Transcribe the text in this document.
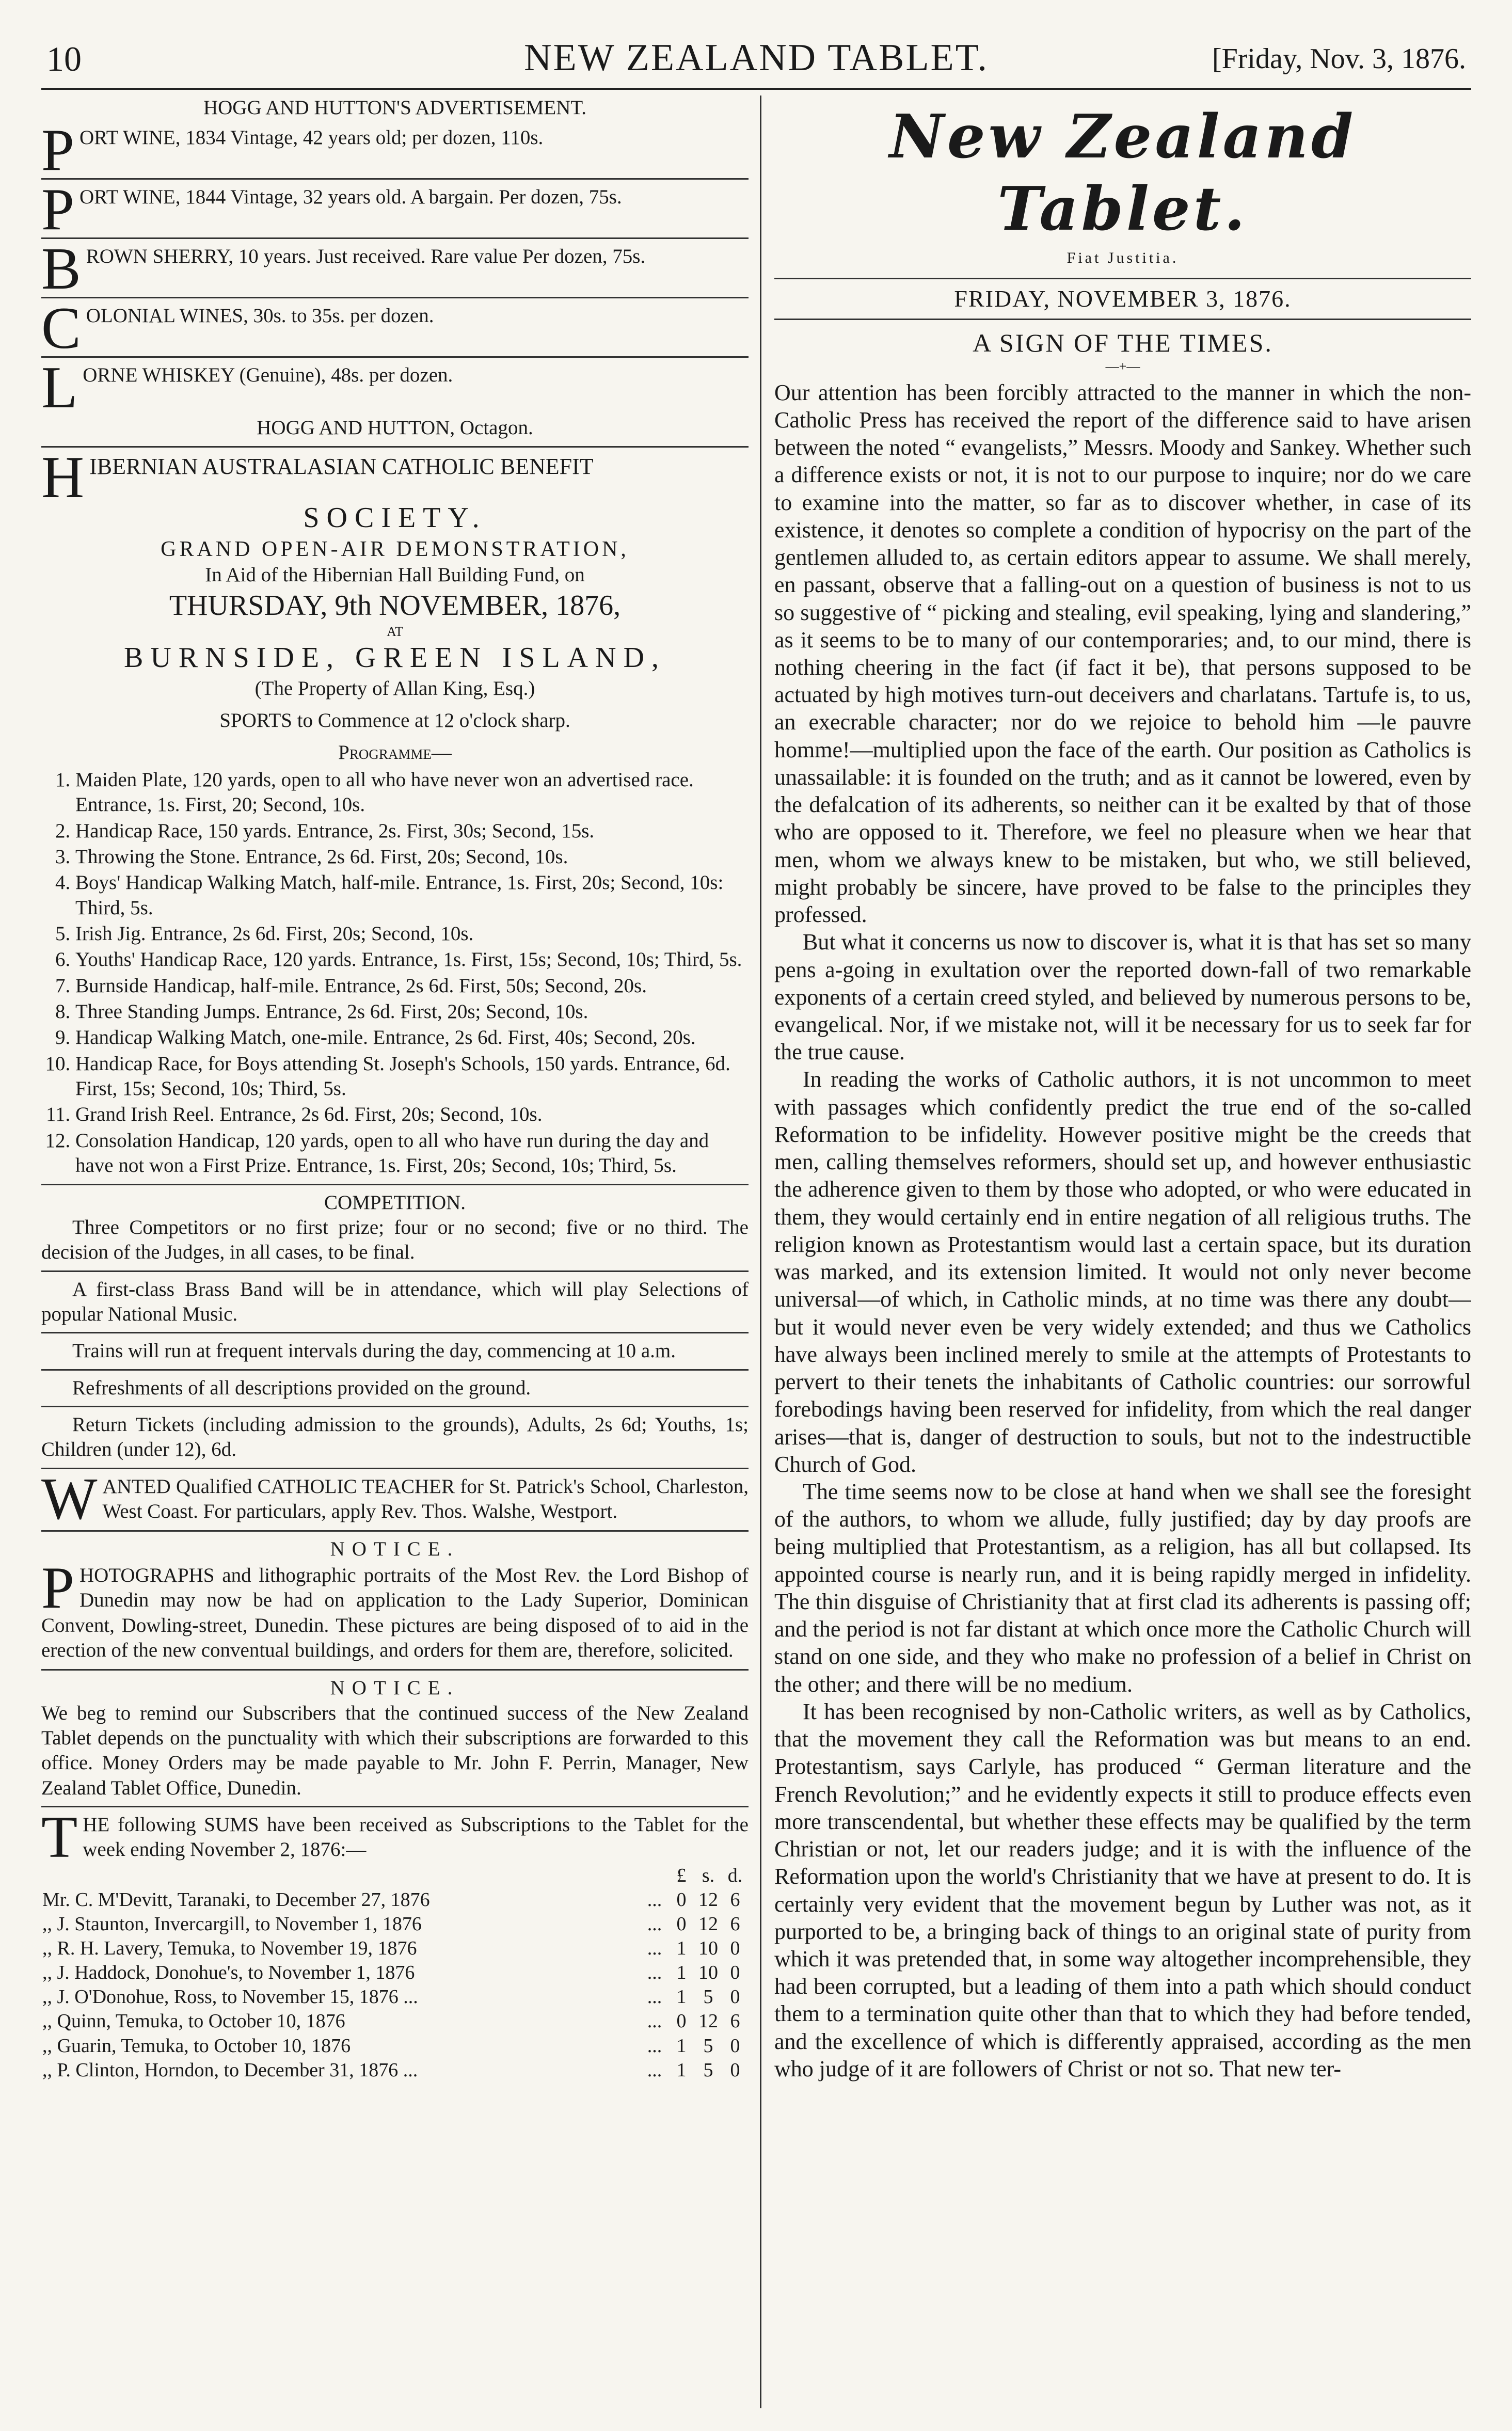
10	NEW ZEALAND TABLET.	[Friday, Nov. 3, 1876.
HOGG AND HUTTON'S ADVERTISEMENT.

PORT WINE, 1834 Vintage, 42 years old; per dozen, 110s.

PORT WINE, 1844 Vintage, 32 years old. A bargain. Per dozen, 75s.

BROWN SHERRY, 10 years. Just received. Rare value Per dozen, 75s.

COLONIAL WINES, 30s. to 35s. per dozen.

LORNE WHISKEY (Genuine), 48s. per dozen.

HOGG AND HUTTON, Octagon.

HIBERNIAN AUSTRALASIAN CATHOLIC BENEFIT

SOCIETY.
GRAND OPEN-AIR DEMONSTRATION,
In Aid of the Hibernian Hall Building Fund, on
THURSDAY, 9th NOVEMBER, 1876,
AT
BURNSIDE, GREEN ISLAND,
(The Property of Allan King, Esq.)
SPORTS to Commence at 12 o'clock sharp.
Programme—
1. Maiden Plate, 120 yards, open to all who have never won an advertised race. Entrance, 1s. First, 20; Second, 10s.
2. Handicap Race, 150 yards. Entrance, 2s. First, 30s; Second, 15s.
3. Throwing the Stone. Entrance, 2s 6d. First, 20s; Second, 10s.
4. Boys' Handicap Walking Match, half-mile. Entrance, 1s. First, 20s; Second, 10s: Third, 5s.
5. Irish Jig. Entrance, 2s 6d. First, 20s; Second, 10s.
6. Youths' Handicap Race, 120 yards. Entrance, 1s. First, 15s; Second, 10s; Third, 5s.
7. Burnside Handicap, half-mile. Entrance, 2s 6d. First, 50s; Second, 20s.
8. Three Standing Jumps. Entrance, 2s 6d. First, 20s; Second, 10s.
9. Handicap Walking Match, one-mile. Entrance, 2s 6d. First, 40s; Second, 20s.
10. Handicap Race, for Boys attending St. Joseph's Schools, 150 yards. Entrance, 6d. First, 15s; Second, 10s; Third, 5s.
11. Grand Irish Reel. Entrance, 2s 6d. First, 20s; Second, 10s.
12. Consolation Handicap, 120 yards, open to all who have run during the day and have not won a First Prize. Entrance, 1s. First, 20s; Second, 10s; Third, 5s.
COMPETITION.

Three Competitors or no first prize; four or no second; five or no third. The decision of the Judges, in all cases, to be final.

A first-class Brass Band will be in attendance, which will play Selections of popular National Music.

Trains will run at frequent intervals during the day, commencing at 10 a.m.

Refreshments of all descriptions provided on the ground.

Return Tickets (including admission to the grounds), Adults, 2s 6d; Youths, 1s; Children (under 12), 6d.

WANTED Qualified CATHOLIC TEACHER for St. Patrick's School, Charleston, West Coast. For particulars, apply Rev. Thos. Walshe, Westport.

NOTICE.

PHOTOGRAPHS and lithographic portraits of the Most Rev. the Lord Bishop of Dunedin may now be had on application to the Lady Superior, Dominican Convent, Dowling-street, Dunedin. These pictures are being disposed of to aid in the erection of the new conventual buildings, and orders for them are, therefore, solicited.

NOTICE.

We beg to remind our Subscribers that the continued success of the New Zealand Tablet depends on the punctuality with which their subscriptions are forwarded to this office. Money Orders may be made payable to Mr. John F. Perrin, Manager, New Zealand Tablet Office, Dunedin.

THE following SUMS have been received as Subscriptions to the Tablet for the week ending November 2, 1876:—

		£	s.	d.
Mr. C. M'Devitt, Taranaki, to December 27, 1876	...	0	12	6
,, J. Staunton, Invercargill, to November 1, 1876	...	0	12	6
,, R. H. Lavery, Temuka, to November 19, 1876	...	1	10	0
,, J. Haddock, Donohue's, to November 1, 1876	...	1	10	0
,, J. O'Donohue, Ross, to November 15, 1876 ...	...	1	5	0
,, Quinn, Temuka, to October 10, 1876	...	0	12	6
,, Guarin, Temuka, to October 10, 1876	...	1	5	0
,, P. Clinton, Horndon, to December 31, 1876 ...	...	1	5	0
New Zealand Tablet.
Fiat Justitia.
FRIDAY, NOVEMBER 3, 1876.
A SIGN OF THE TIMES.
—+—

Our attention has been forcibly attracted to the manner in which the non-Catholic Press has received the report of the difference said to have arisen between the noted “ evangelists,” Messrs. Moody and Sankey. Whether such a difference exists or not, it is not to our purpose to inquire; nor do we care to examine into the matter, so far as to discover whether, in case of its existence, it denotes so complete a condition of hypocrisy on the part of the gentlemen alluded to, as certain editors appear to assume. We shall merely, en passant, observe that a falling-out on a question of business is not to us so suggestive of “ picking and stealing, evil speaking, lying and slandering,” as it seems to be to many of our contemporaries; and, to our mind, there is nothing cheering in the fact (if fact it be), that persons supposed to be actuated by high motives turn-out deceivers and charlatans. Tartufe is, to us, an execrable character; nor do we rejoice to behold him —le pauvre homme!—multiplied upon the face of the earth. Our position as Catholics is unassailable: it is founded on the truth; and as it cannot be lowered, even by the defalcation of its adherents, so neither can it be exalted by that of those who are opposed to it. Therefore, we feel no pleasure when we hear that men, whom we always knew to be mistaken, but who, we still believed, might probably be sincere, have proved to be false to the principles they professed.

But what it concerns us now to discover is, what it is that has set so many pens a-going in exultation over the reported down-fall of two remarkable exponents of a certain creed styled, and believed by numerous persons to be, evangelical. Nor, if we mistake not, will it be necessary for us to seek far for the true cause.

In reading the works of Catholic authors, it is not uncommon to meet with passages which confidently predict the true end of the so-called Reformation to be infidelity. However positive might be the creeds that men, calling themselves reformers, should set up, and however enthusiastic the adherence given to them by those who adopted, or who were educated in them, they would certainly end in entire negation of all religious truths. The religion known as Protestantism would last a certain space, but its duration was marked, and its extension limited. It would not only never become universal—of which, in Catholic minds, at no time was there any doubt—but it would never even be very widely extended; and thus we Catholics have always been inclined merely to smile at the attempts of Protestants to pervert to their tenets the inhabitants of Catholic countries: our sorrowful forebodings having been reserved for infidelity, from which the real danger arises—that is, danger of destruction to souls, but not to the indestructible Church of God.

The time seems now to be close at hand when we shall see the foresight of the authors, to whom we allude, fully justified; day by day proofs are being multiplied that Protestantism, as a religion, has all but collapsed. Its appointed course is nearly run, and it is being rapidly merged in infidelity. The thin disguise of Christianity that at first clad its adherents is passing off; and the period is not far distant at which once more the Catholic Church will stand on one side, and they who make no profession of a belief in Christ on the other; and there will be no medium.

It has been recognised by non-Catholic writers, as well as by Catholics, that the movement they call the Reformation was but means to an end. Protestantism, says Carlyle, has produced “ German literature and the French Revolution;” and he evidently expects it still to produce effects even more transcendental, but whether these effects may be qualified by the term Christian or not, let our readers judge; and it is with the influence of the Reformation upon the world's Christianity that we have at present to do. It is certainly very evident that the movement begun by Luther was not, as it purported to be, a bringing back of things to an original state of purity from which it was pretended that, in some way altogether incomprehensible, they had been corrupted, but a leading of them into a path which should conduct them to a termination quite other than that to which they had before tended, and the excellence of which is differently appraised, according as the men who judge of it are followers of Christ or not so. That new ter-
